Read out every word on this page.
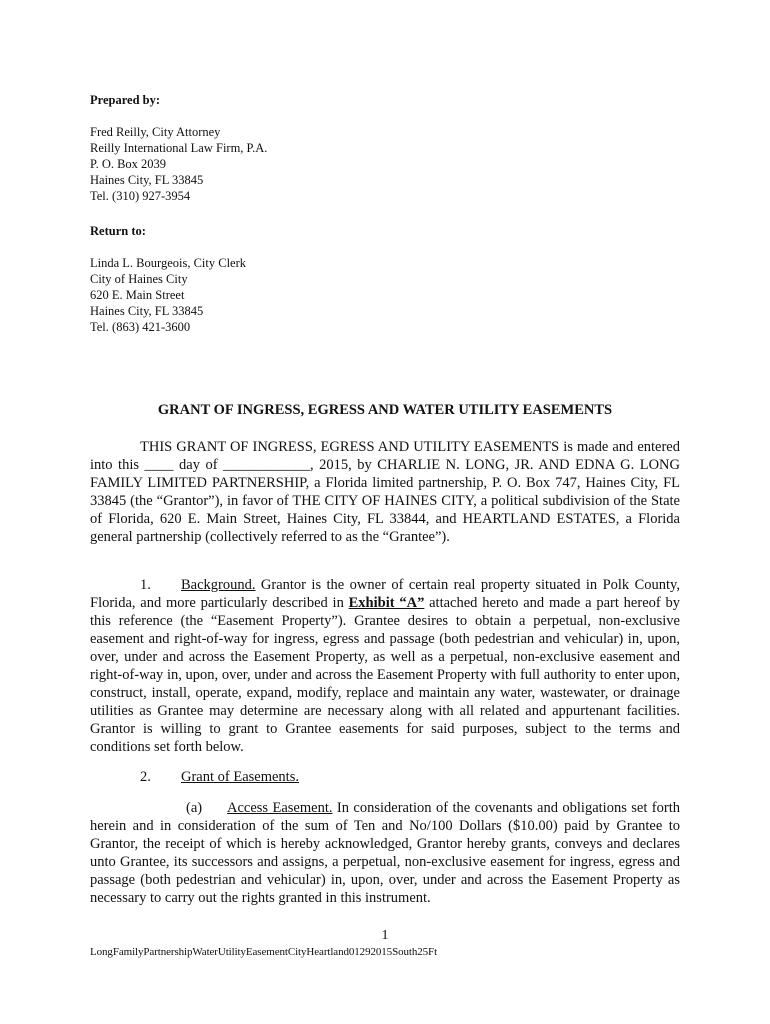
Prepared by:
Fred Reilly, City Attorney
Reilly International Law Firm, P.A.
P. O. Box 2039
Haines City, FL 33845
Tel. (310) 927-3954
Return to:
Linda L. Bourgeois, City Clerk
City of Haines City
620 E. Main Street
Haines City, FL 33845
Tel. (863) 421-3600
GRANT OF INGRESS, EGRESS AND WATER UTILITY EASEMENTS
THIS GRANT OF INGRESS, EGRESS AND UTILITY EASEMENTS is made and entered into this ____ day of ____________, 2015, by CHARLIE N. LONG, JR. AND EDNA G. LONG FAMILY LIMITED PARTNERSHIP, a Florida limited partnership, P. O. Box 747, Haines City, FL 33845 (the “Grantor”), in favor of THE CITY OF HAINES CITY, a political subdivision of the State of Florida, 620 E. Main Street, Haines City, FL 33844, and HEARTLAND ESTATES, a Florida general partnership (collectively referred to as the “Grantee”).
1. Background. Grantor is the owner of certain real property situated in Polk County, Florida, and more particularly described in Exhibit “A” attached hereto and made a part hereof by this reference (the “Easement Property”). Grantee desires to obtain a perpetual, non-exclusive easement and right-of-way for ingress, egress and passage (both pedestrian and vehicular) in, upon, over, under and across the Easement Property, as well as a perpetual, non-exclusive easement and right-of-way in, upon, over, under and across the Easement Property with full authority to enter upon, construct, install, operate, expand, modify, replace and maintain any water, wastewater, or drainage utilities as Grantee may determine are necessary along with all related and appurtenant facilities. Grantor is willing to grant to Grantee easements for said purposes, subject to the terms and conditions set forth below.
2. Grant of Easements.
(a) Access Easement. In consideration of the covenants and obligations set forth herein and in consideration of the sum of Ten and No/100 Dollars ($10.00) paid by Grantee to Grantor, the receipt of which is hereby acknowledged, Grantor hereby grants, conveys and declares unto Grantee, its successors and assigns, a perpetual, non-exclusive easement for ingress, egress and passage (both pedestrian and vehicular) in, upon, over, under and across the Easement Property as necessary to carry out the rights granted in this instrument.
1
LongFamilyPartnershipWaterUtilityEasementCityHeartland01292015South25Ft
